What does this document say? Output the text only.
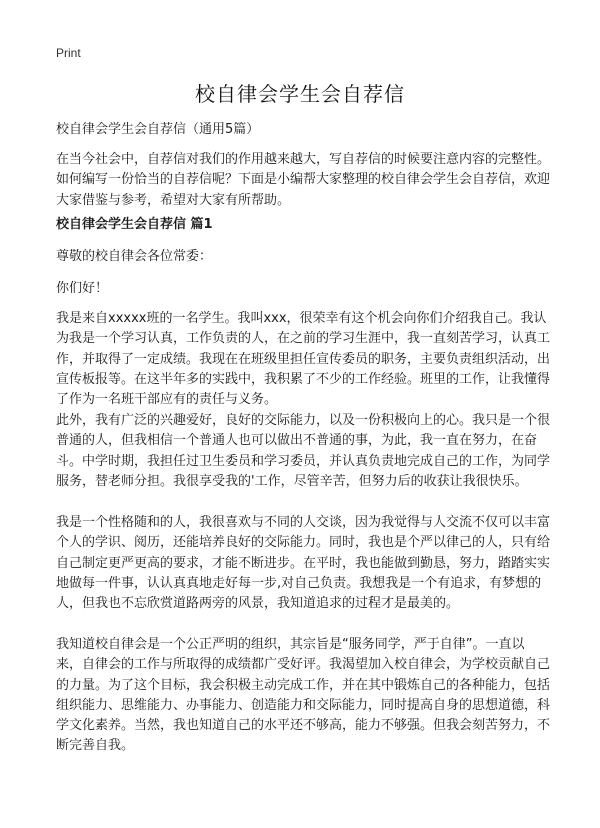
Print
校自律会学生会自荐信

校自律会学生会自荐信（通用5篇）

在当今社会中，自荐信对我们的作用越来越大，写自荐信的时候要注意内容的完整性。如何编写一份恰当的自荐信呢？下面是小编帮大家整理的校自律会学生会自荐信，欢迎大家借鉴与参考，希望对大家有所帮助。

校自律会学生会自荐信 篇1

尊敬的校自律会各位常委：

你们好！

我是来自xxxxx班的一名学生。我叫xxx，很荣幸有这个机会向你们介绍我自己。我认为我是一个学习认真，工作负责的人，在之前的学习生涯中，我一直刻苦学习，认真工作，并取得了一定成绩。我现在在班级里担任宣传委员的职务，主要负责组织活动，出宣传板报等。在这半年多的实践中，我积累了不少的工作经验。班里的工作，让我懂得了作为一名班干部应有的责任与义务。

此外，我有广泛的兴趣爱好，良好的交际能力，以及一份积极向上的心。我只是一个很普通的人，但我相信一个普通人也可以做出不普通的事，为此，我一直在努力，在奋斗。中学时期，我担任过卫生委员和学习委员，并认真负责地完成自己的工作，为同学服务，替老师分担。我很享受我的'工作，尽管辛苦，但努力后的收获让我很快乐。

我是一个性格随和的人，我很喜欢与不同的人交谈，因为我觉得与人交流不仅可以丰富个人的学识、阅历，还能培养良好的交际能力。同时，我也是个严以律己的人，只有给自己制定更严更高的要求，才能不断进步。在平时，我也能做到勤恳，努力，踏踏实实地做每一件事，认认真真地走好每一步,对自己负责。我想我是一个有追求，有梦想的人，但我也不忘欣赏道路两旁的风景，我知道追求的过程才是最美的。

我知道校自律会是一个公正严明的组织，其宗旨是“服务同学，严于自律”。一直以来，自律会的工作与所取得的成绩都广受好评。我渴望加入校自律会，为学校贡献自己的力量。为了这个目标，我会积极主动完成工作，并在其中锻炼自己的各种能力，包括组织能力、思维能力、办事能力、创造能力和交际能力，同时提高自身的思想道德，科学文化素养。当然，我也知道自己的水平还不够高，能力不够强。但我会刻苦努力，不断完善自我。
